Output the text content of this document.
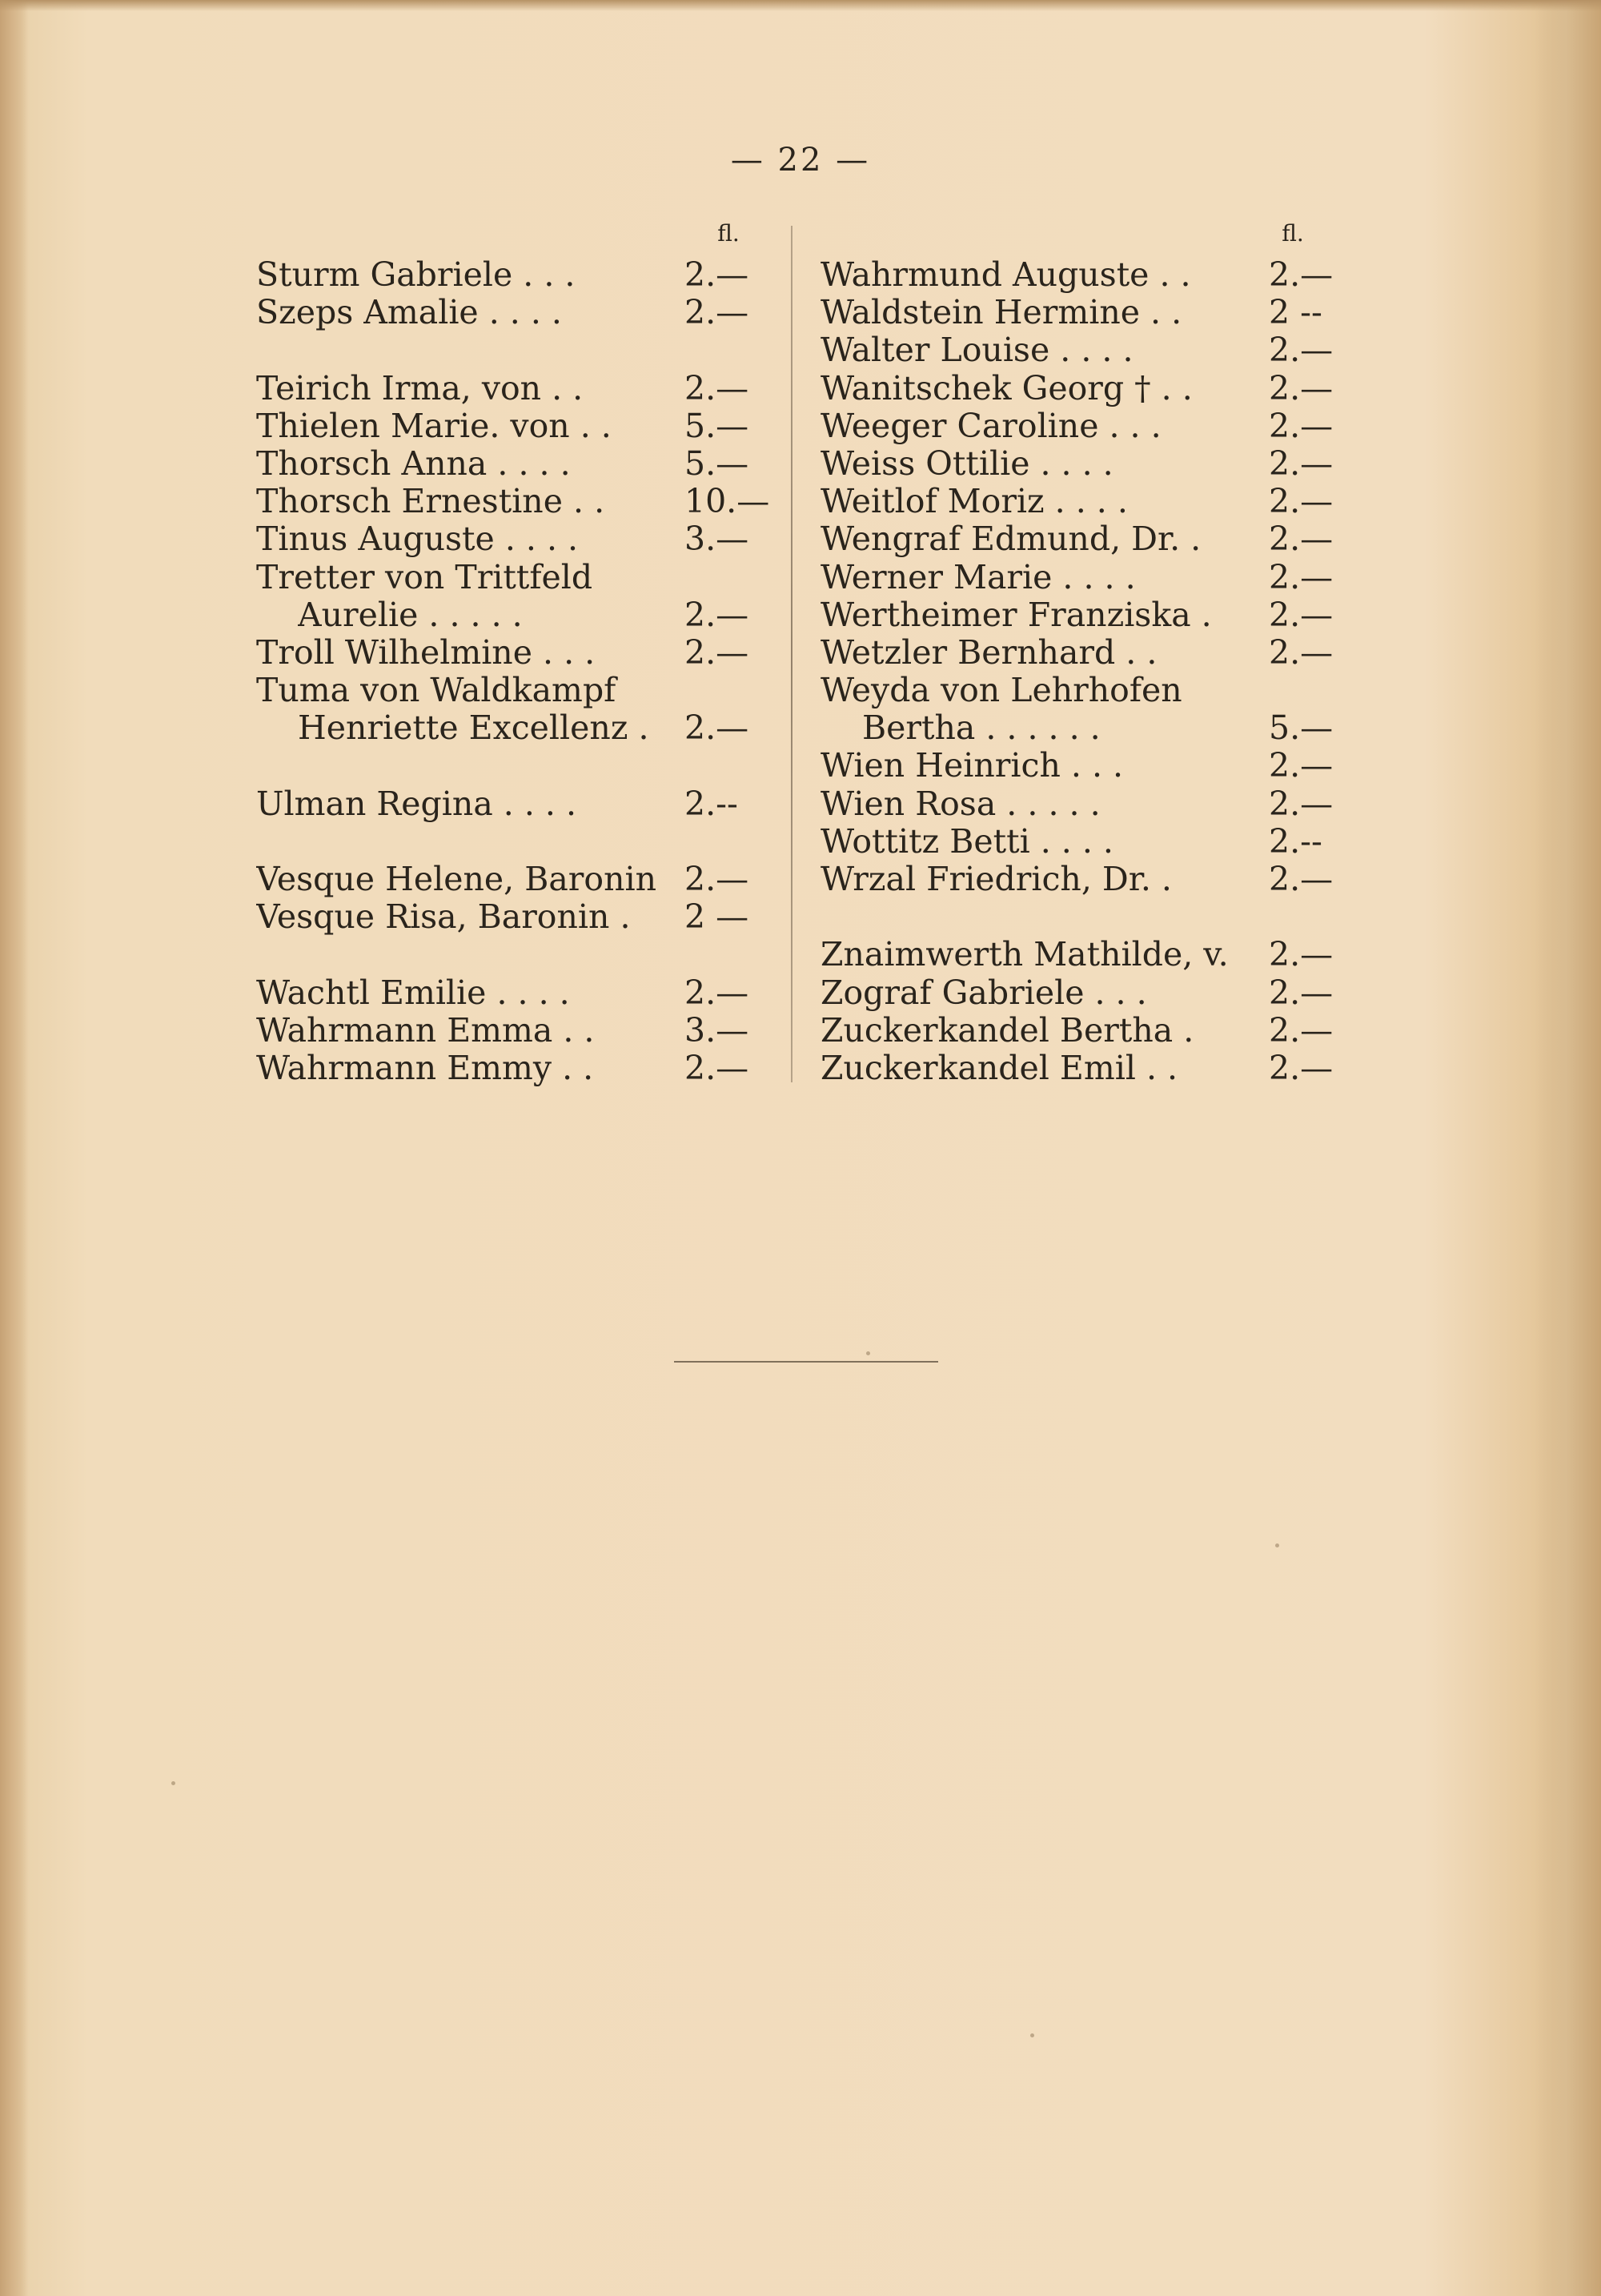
— 22 —
fl.	fl.
Sturm Gabriele . . .	2.—
Szeps Amalie . . . .	2.—
Teirich Irma, von . .	2.—
Thielen Marie. von . .	5.—
Thorsch Anna . . . .	5.—
Thorsch Ernestine . .	10.—
Tinus Auguste . . . .	3.—
Tretter von Trittfeld
Aurelie . . . . .	2.—
Troll Wilhelmine . . .	2.—
Tuma von Waldkampf
Henriette Excellenz .	2.—
Ulman Regina . . . .	2.--
Vesque Helene, Baronin 2.—
Vesque Risa, Baronin .	2 —
Wachtl Emilie . . . .	2.—
Wahrmann Emma . .	3.—
Wahrmann Emmy . .	2.—
Wahrmund Auguste . .	2.—
Waldstein Hermine . .	2 --
Walter Louise . . . .	2.—
Wanitschek Georg † . .	2.—
Weeger Caroline . . .	2.—
Weiss Ottilie . . . .	2.—
Weitlof Moriz . . . .	2.—
Wengraf Edmund, Dr. .	2.—
Werner Marie . . . .	2.—
Wertheimer Franziska .	2.—
Wetzler Bernhard . .	2.—
Weyda von Lehrhofen
Bertha . . . . . .	5.—
Wien Heinrich . . .	2.—
Wien Rosa . . . . .	2.—
Wottitz Betti . . . .	2.--
Wrzal Friedrich, Dr. .	2.—
Znaimwerth Mathilde, v.	2.—
Zograf Gabriele . . .	2.—
Zuckerkandel Bertha .	2.—
Zuckerkandel Emil . .	2.—
